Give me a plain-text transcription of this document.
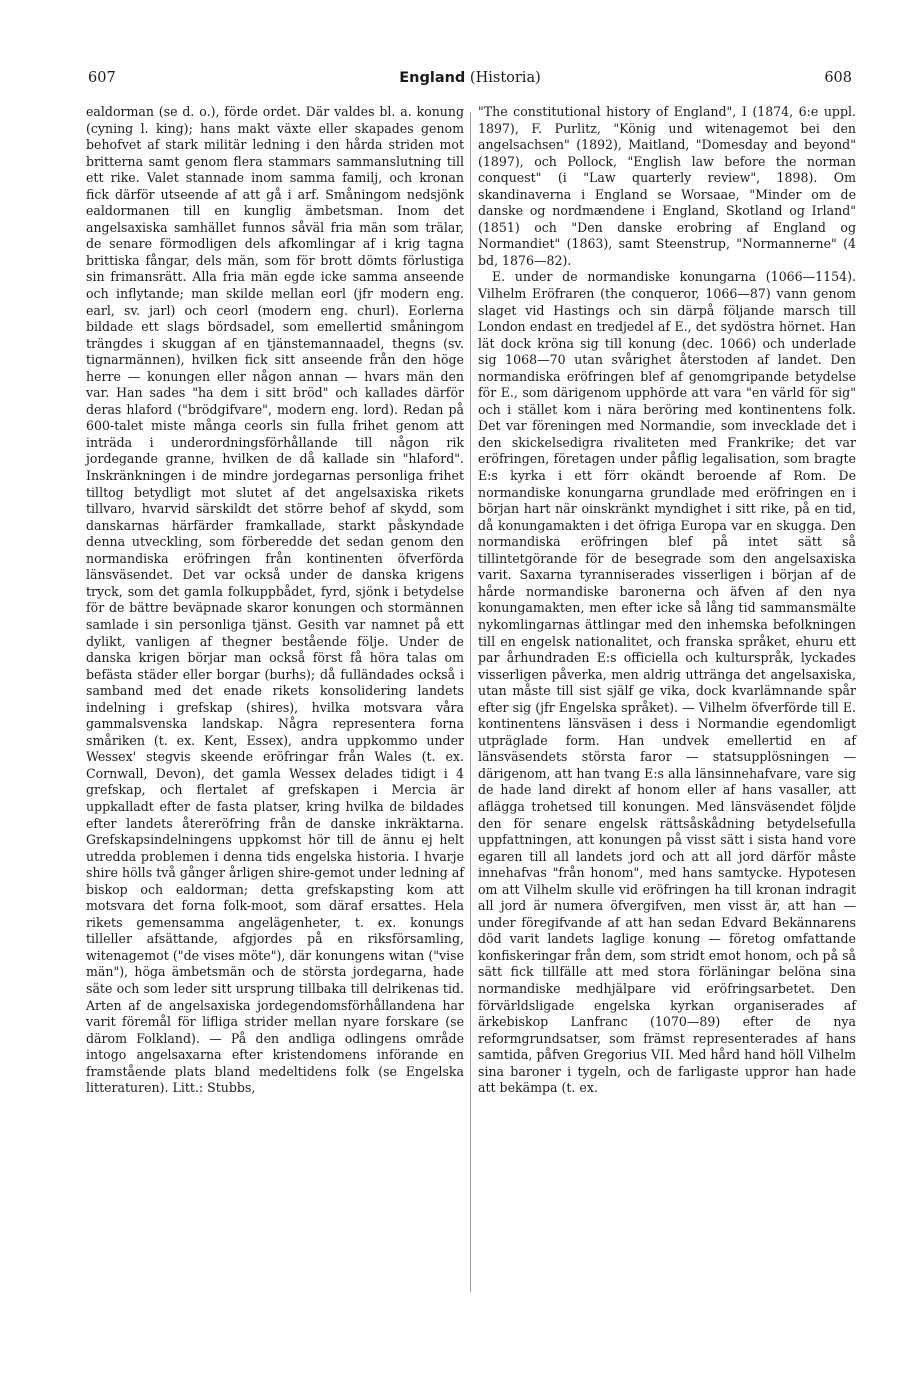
607	England (Historia)	608

ealdorman (se d. o.), förde ordet. Där valdes bl. a. konung (cyning l. king); hans makt växte eller skapades genom behofvet af stark militär ledning i den hårda striden mot britterna samt genom flera stammars sammanslutning till ett rike. Valet stannade inom samma familj, och kronan fick därför utseende af att gå i arf. Småningom nedsjönk ealdormanen till en kunglig ämbetsman. Inom det angelsaxiska samhället funnos såväl fria män som trälar, de senare förmodligen dels afkomlingar af i krig tagna brittiska fångar, dels män, som för brott dömts förlustiga sin frimansrätt. Alla fria män egde icke samma anseende och inflytande; man skilde mellan eorl (jfr modern eng. earl, sv. jarl) och ceorl (modern eng. churl). Eorlerna bildade ett slags bördsadel, som emellertid småningom trängdes i skuggan af en tjänstemannaadel, thegns (sv. tignarmännen), hvilken fick sitt anseende från den höge herre — konungen eller någon annan — hvars män den var. Han sades "ha dem i sitt bröd" och kallades därför deras hlaford ("brödgifvare", modern eng. lord). Redan på 600-talet miste många ceorls sin fulla frihet genom att inträda i underordningsförhållande till någon rik jordegande granne, hvilken de då kallade sin "hlaford". Inskränkningen i de mindre jordegarnas personliga frihet tilltog betydligt mot slutet af det angelsaxiska rikets tillvaro, hvarvid särskildt det större behof af skydd, som danskarnas härfärder framkallade, starkt påskyndade denna utveckling, som förberedde det sedan genom den normandiska eröfringen från kontinenten öfverförda länsväsendet. Det var också under de danska krigens tryck, som det gamla folkuppbådet, fyrd, sjönk i betydelse för de bättre beväpnade skaror konungen och stormännen samlade i sin personliga tjänst. Gesith var namnet på ett dylikt, vanligen af thegner bestående följe. Under de danska krigen börjar man också först få höra talas om befästa städer eller borgar (burhs); då fulländades också i samband med det enade rikets konsolidering landets indelning i grefskap (shires), hvilka motsvara våra gammalsvenska landskap. Några representera forna småriken (t. ex. Kent, Essex), andra uppkommo under Wessex' stegvis skeende eröfringar från Wales (t. ex. Cornwall, Devon), det gamla Wessex delades tidigt i 4 grefskap, och flertalet af grefskapen i Mercia är uppkalladt efter de fasta platser, kring hvilka de bildades efter landets återeröfring från de danske inkräktarna. Grefskapsindelningens uppkomst hör till de ännu ej helt utredda problemen i denna tids engelska historia. I hvarje shire hölls två gånger årligen shire-gemot under ledning af biskop och ealdorman; detta grefskapsting kom att motsvara det forna folk-moot, som däraf ersattes. Hela rikets gemensamma angelägenheter, t. ex. konungs tilleller afsättande, afgjordes på en riksförsamling, witenagemot ("de vises möte"), där konungens witan ("vise män"), höga ämbetsmän och de största jordegarna, hade säte och som leder sitt ursprung tillbaka till delrikenas tid. Arten af de angelsaxiska jordegendomsförhållandena har varit föremål för lifliga strider mellan nyare forskare (se därom Folkland). — På den andliga odlingens område intogo angelsaxarna efter kristendomens införande en framstående plats bland medeltidens folk (se Engelska litteraturen). Litt.: Stubbs,

"The constitutional history of England", I (1874, 6:e uppl. 1897), F. Purlitz, "König und witenagemot bei den angelsachsen" (1892), Maitland, "Domesday and beyond" (1897), och Pollock, "English law before the norman conquest" (i "Law quarterly review", 1898). Om skandinaverna i England se Worsaae, "Minder om de danske og nordmændene i England, Skotland og Irland" (1851) och "Den danske erobring af England og Normandiet" (1863), samt Steenstrup, "Normannerne" (4 bd, 1876—82).

E. under de normandiske konungarna (1066—1154). Vilhelm Eröfraren (the conqueror, 1066—87) vann genom slaget vid Hastings och sin därpå följande marsch till London endast en tredjedel af E., det sydöstra hörnet. Han lät dock krönа sig till konung (dec. 1066) och underlade sig 1068—70 utan svårighet återstoden af landet. Den normandiska eröfringen blef af genomgripande betydelse för E., som därigenom upphörde att vara "en värld för sig" och i stället kom i nära beröring med kontinentens folk. Det var föreningen med Normandie, som invecklade det i den skickelsedigra rivaliteten med Frankrike; det var eröfringen, företagen under påflig legalisation, som bragte E:s kyrka i ett förr okändt beroende af Rom. De normandiske konungarna grundlade med eröfringen en i början hart när oinskränkt myndighet i sitt rike, på en tid, då konungamakten i det öfriga Europa var en skugga. Den normandiska eröfringen blef på intet sätt så tillintetgörande för de besegrade som den angelsaxiska varit. Saxarna tyranniserades visserligen i början af de hårde normandiske baronerna och äfven af den nya konungamakten, men efter icke så lång tid sammansmälte nykomlingarnas ättlingar med den inhemska befolkningen till en engelsk nationalitet, och franska språket, ehuru ett par århundraden E:s officiella och kulturspråk, lyckades visserligen påverka, men aldrig uttränga det angelsaxiska, utan måste till sist själf ge vika, dock kvarlämnande spår efter sig (jfr Engelska språket). — Vilhelm öfverförde till E. kontinentens länsväsen i dess i Normandie egendomligt utpräglade form. Han undvek emellertid en af länsväsendets största faror — statsupplösningen — därigenom, att han tvang E:s alla länsinnehafvare, vare sig de hade land direkt af honom eller af hans vasaller, att aflägga trohetsed till konungen. Med länsväsendet följde den för senare engelsk rättsåskådning betydelsefulla uppfattningen, att konungen på visst sätt i sista hand vore egaren till all landets jord och att all jord därför måste innehafvas "från honom", med hans samtycke. Hypotesen om att Vilhelm skulle vid eröfringen ha till kronan indragit all jord är numera öfvergifven, men visst är, att han — under föregifvande af att han sedan Edvard Bekännarens död varit landets laglige konung — företog omfattande konfiskeringar från dem, som stridt emot honom, och på så sätt fick tillfälle att med stora förläningar belöna sina normandiske medhjälpare vid eröfringsarbetet. Den förvärldsligade engelska kyrkan organiserades af ärkebiskop Lanfranc (1070—89) efter de nya reformgrundsatser, som främst representerades af hans samtida, påfven Gregorius VII. Med hård hand höll Vilhelm sina baroner i tygeln, och de farligaste uppror han hade att bekämpa (t. ex.
